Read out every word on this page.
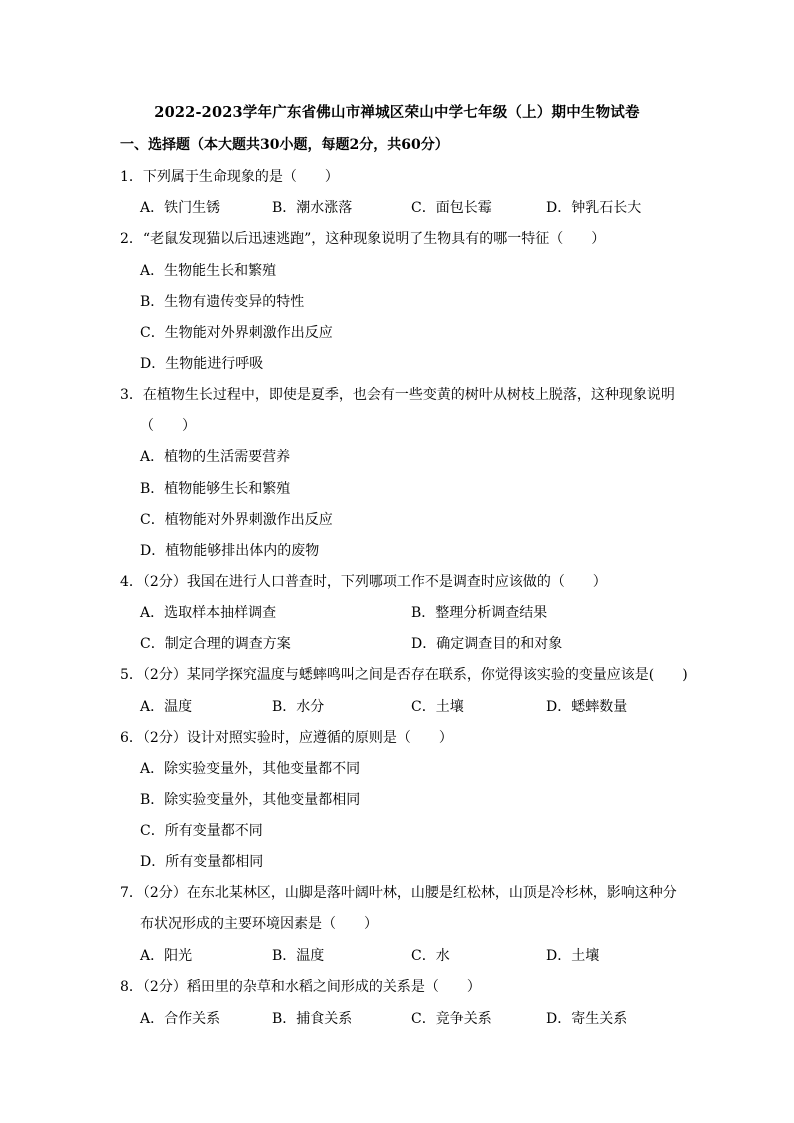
2022-2023学年广东省佛山市禅城区荣山中学七年级（上）期中生物试卷
一、选择题（本大题共30小题，每题2分，共60分）
1．下列属于生命现象的是（　　）
A．铁门生锈	B．潮水涨落	C．面包长霉	D．钟乳石长大
2．“老鼠发现猫以后迅速逃跑”，这种现象说明了生物具有的哪一特征（　　）
A．生物能生长和繁殖
B．生物有遗传变异的特性
C．生物能对外界刺激作出反应
D．生物能进行呼吸
3．在植物生长过程中，即使是夏季，也会有一些变黄的树叶从树枝上脱落，这种现象说明
（　　）
A．植物的生活需要营养
B．植物能够生长和繁殖
C．植物能对外界刺激作出反应
D．植物能够排出体内的废物
4．（2分）我国在进行人口普查时，下列哪项工作不是调查时应该做的（　　）
A．选取样本抽样调查	B．整理分析调查结果
C．制定合理的调查方案	D．确定调查目的和对象
5．（2分）某同学探究温度与蟋蟀鸣叫之间是否存在联系，你觉得该实验的变量应该是(　　)
A．温度	B．水分	C．土壤	D．蟋蟀数量
6．（2分）设计对照实验时，应遵循的原则是（　　）
A．除实验变量外，其他变量都不同
B．除实验变量外，其他变量都相同
C．所有变量都不同
D．所有变量都相同
7．（2分）在东北某林区，山脚是落叶阔叶林，山腰是红松林，山顶是冷杉林，影响这种分
布状况形成的主要环境因素是（　　）
A．阳光	B．温度	C．水	D．土壤
8．（2分）稻田里的杂草和水稻之间形成的关系是（　　）
A．合作关系	B．捕食关系	C．竞争关系	D．寄生关系
